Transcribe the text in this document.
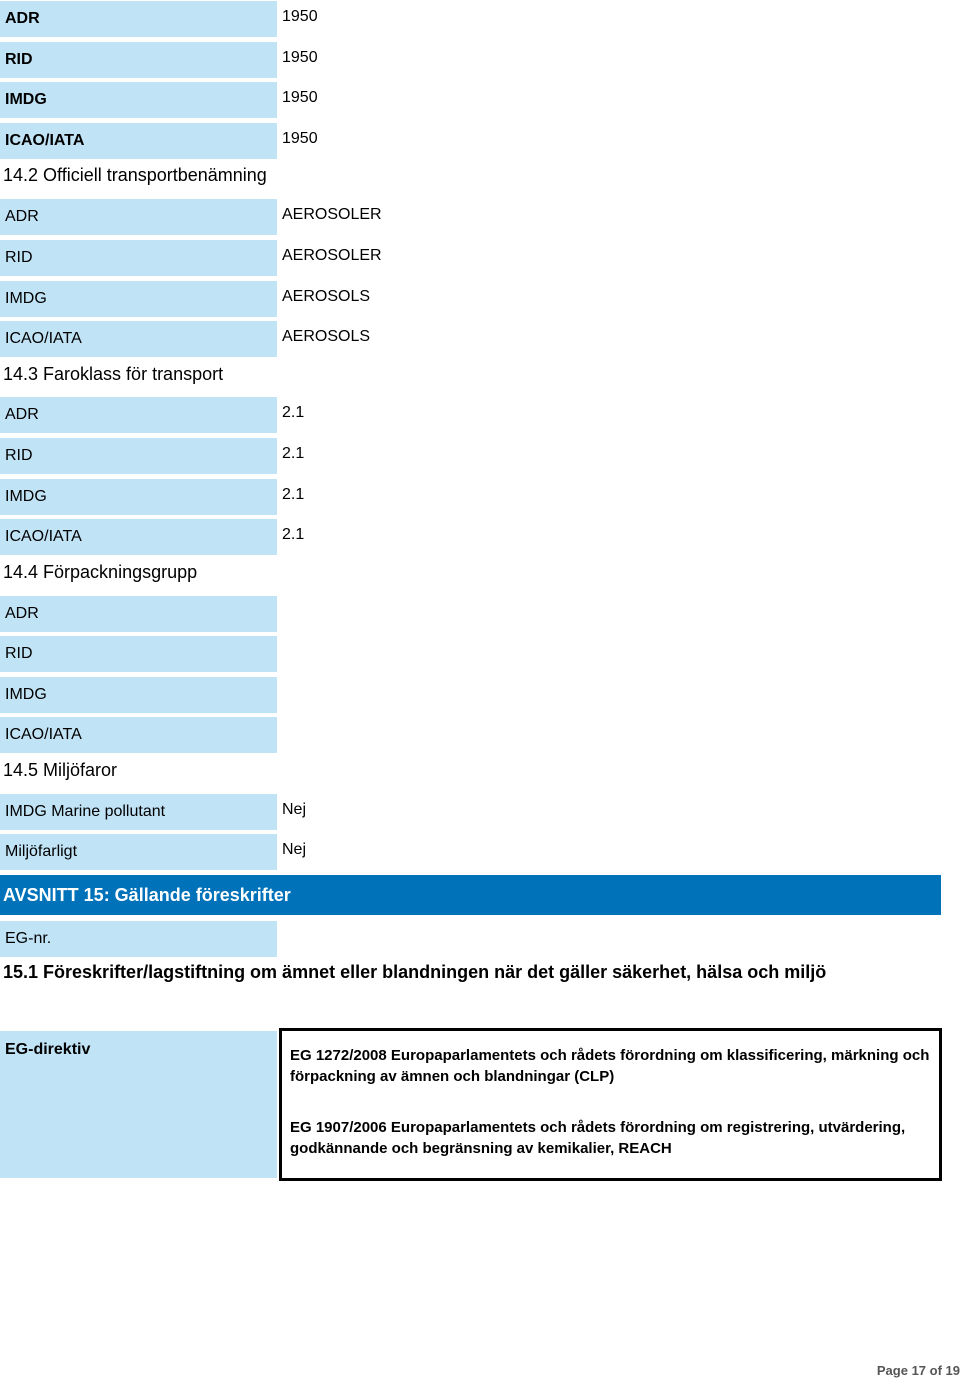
ADR	1950
RID	1950
IMDG	1950
ICAO/IATA	1950
14.2 Officiell transportbenämning
ADR	AEROSOLER
RID	AEROSOLER
IMDG	AEROSOLS
ICAO/IATA	AEROSOLS
14.3 Faroklass för transport
ADR	2.1
RID	2.1
IMDG	2.1
ICAO/IATA	2.1
14.4 Förpackningsgrupp
ADR
RID
IMDG
ICAO/IATA
14.5 Miljöfaror
IMDG Marine pollutant	Nej
Miljöfarligt	Nej
AVSNITT 15: Gällande föreskrifter
EG-nr.
15.1 Föreskrifter/lagstiftning om ämnet eller blandningen när det gäller säkerhet, hälsa och miljö
EG-direktiv	EG 1272/2008 Europaparlamentets och rådets förordning om klassificering, märkning och förpackning av ämnen och blandningar (CLP)

EG 1907/2006 Europaparlamentets och rådets förordning om registrering, utvärdering, godkännande och begränsning av kemikalier, REACH

Page 17 of 19
